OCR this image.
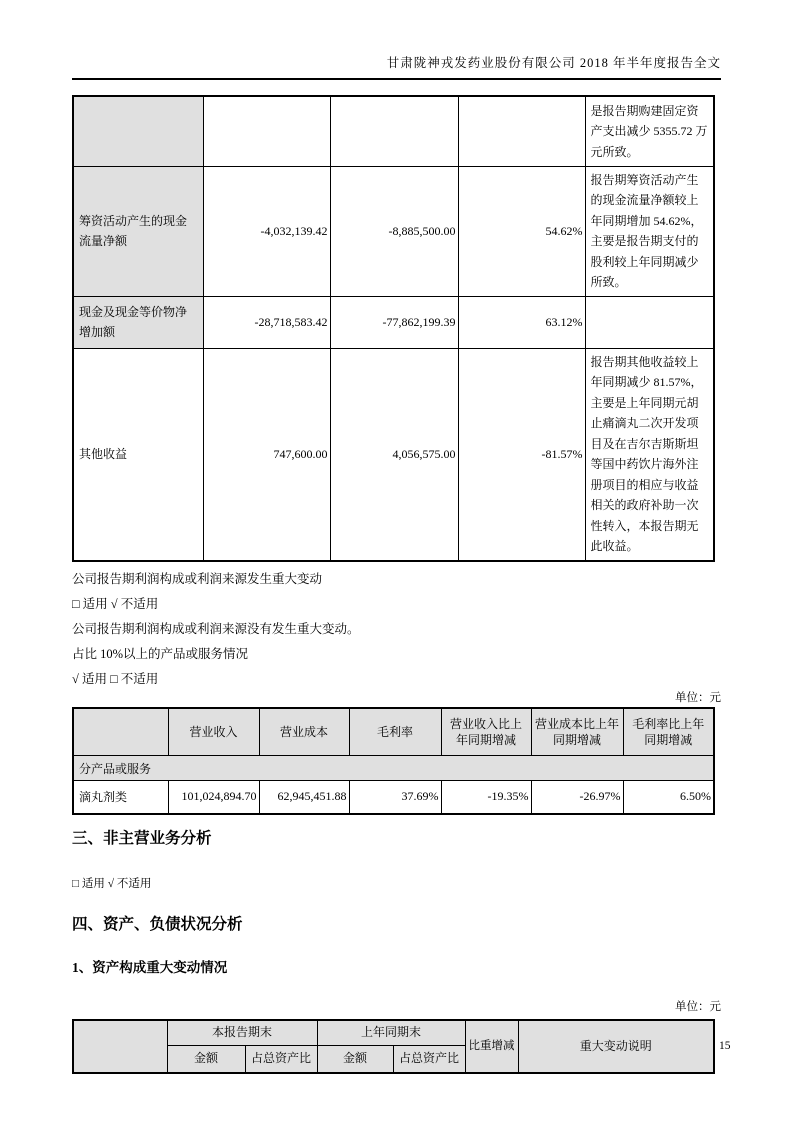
甘肃陇神戎发药业股份有限公司 2018 年半年度报告全文
				是报告期购建固定资产支出减少 5355.72 万元所致。
筹资活动产生的现金流量净额	-4,032,139.42	-8,885,500.00	54.62%	报告期筹资活动产生的现金流量净额较上年同期增加 54.62%，主要是报告期支付的股利较上年同期减少所致。
现金及现金等价物净增加额	-28,718,583.42	-77,862,199.39	63.12%	
其他收益	747,600.00	4,056,575.00	-81.57%	报告期其他收益较上年同期减少 81.57%，主要是上年同期元胡止痛滴丸二次开发项目及在吉尔吉斯斯坦等国中药饮片海外注册项目的相应与收益相关的政府补助一次性转入，本报告期无此收益。

公司报告期利润构成或利润来源发生重大变动

□ 适用 √ 不适用

公司报告期利润构成或利润来源没有发生重大变动。

占比 10%以上的产品或服务情况

√ 适用 □ 不适用

单位：元

	营业收入	营业成本	毛利率	营业收入比上年同期增减	营业成本比上年同期增减	毛利率比上年同期增减
分产品或服务						
滴丸剂类	101,024,894.70	62,945,451.88	37.69%	-19.35%	-26.97%	6.50%
三、非主营业务分析

□ 适用 √ 不适用

四、资产、负债状况分析
1、资产构成重大变动情况

单位：元

	本报告期末		上年同期末		比重增减	重大变动说明
	金额	占总资产比	金额	占总资产比		
15
